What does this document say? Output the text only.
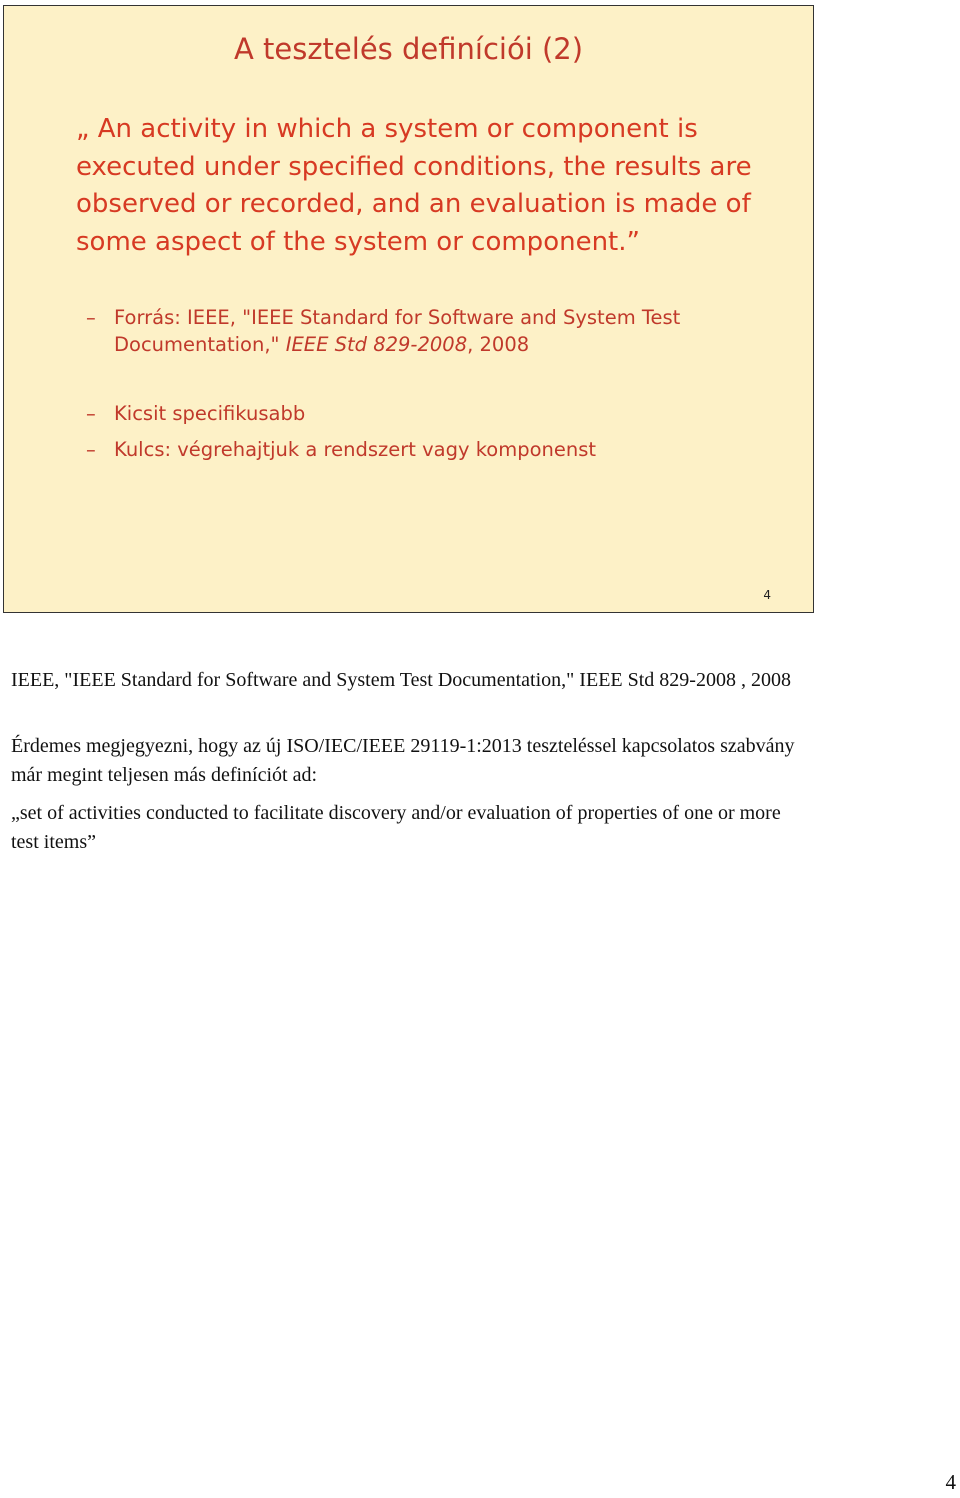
A tesztelés definíciói (2)

„ An activity in which a system or component is executed under specified conditions, the results are observed or recorded, and an evaluation is made of some aspect of the system or component.”

– Forrás: IEEE, "IEEE Standard for Software and System Test Documentation," IEEE Std 829-2008, 2008
– Kicsit specifikusabb
– Kulcs: végrehajtjuk a rendszert vagy komponenst
4

IEEE, "IEEE Standard for Software and System Test Documentation," IEEE Std 829-2008 , 2008

Érdemes megjegyezni, hogy az új ISO/IEC/IEEE 29119-1:2013 teszteléssel kapcsolatos szabvány már megint teljesen más definíciót ad:

„set of activities conducted to facilitate discovery and/or evaluation of properties of one or more test items”

4
